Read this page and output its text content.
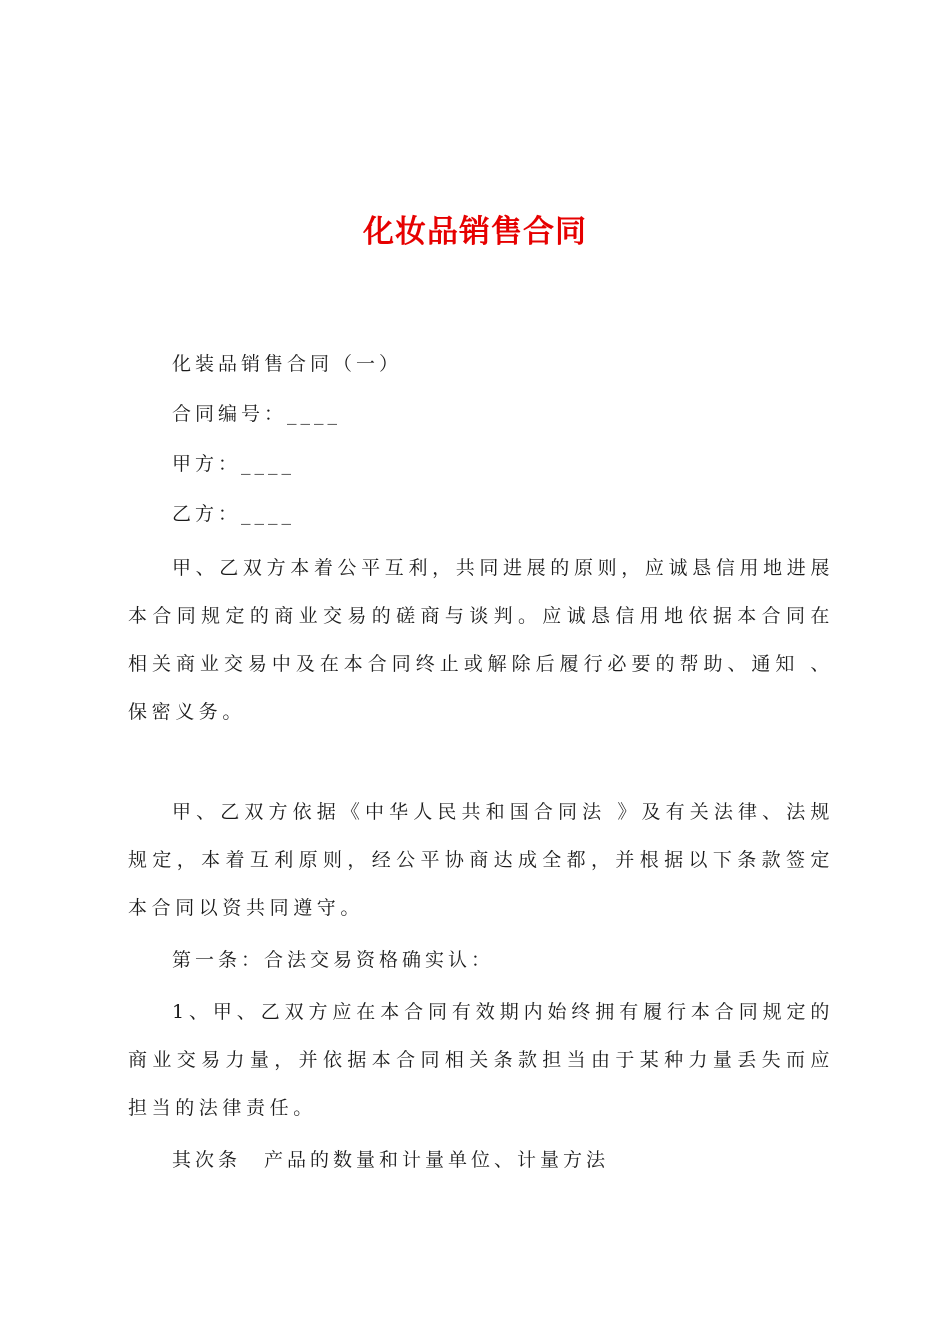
化妆品销售合同

化装品销售合同（一）

合同编号：____

甲方：____

乙方：____

甲、乙双方本着公平互利，共同进展的原则，应诚恳信用地进展本合同规定的商业交易的磋商与谈判。应诚恳信用地依据本合同在相关商业交易中及在本合同终止或解除后履行必要的帮助、通知 、保密义务。

甲、乙双方依据《中华人民共和国合同法 》及有关法律、法规规定，本着互利原则，经公平协商达成全都，并根据以下条款签定本合同以资共同遵守。

第一条：合法交易资格确实认：

1、甲、乙双方应在本合同有效期内始终拥有履行本合同规定的商业交易力量，并依据本合同相关条款担当由于某种力量丢失而应担当的法律责任。

其次条　产品的数量和计量单位、计量方法
